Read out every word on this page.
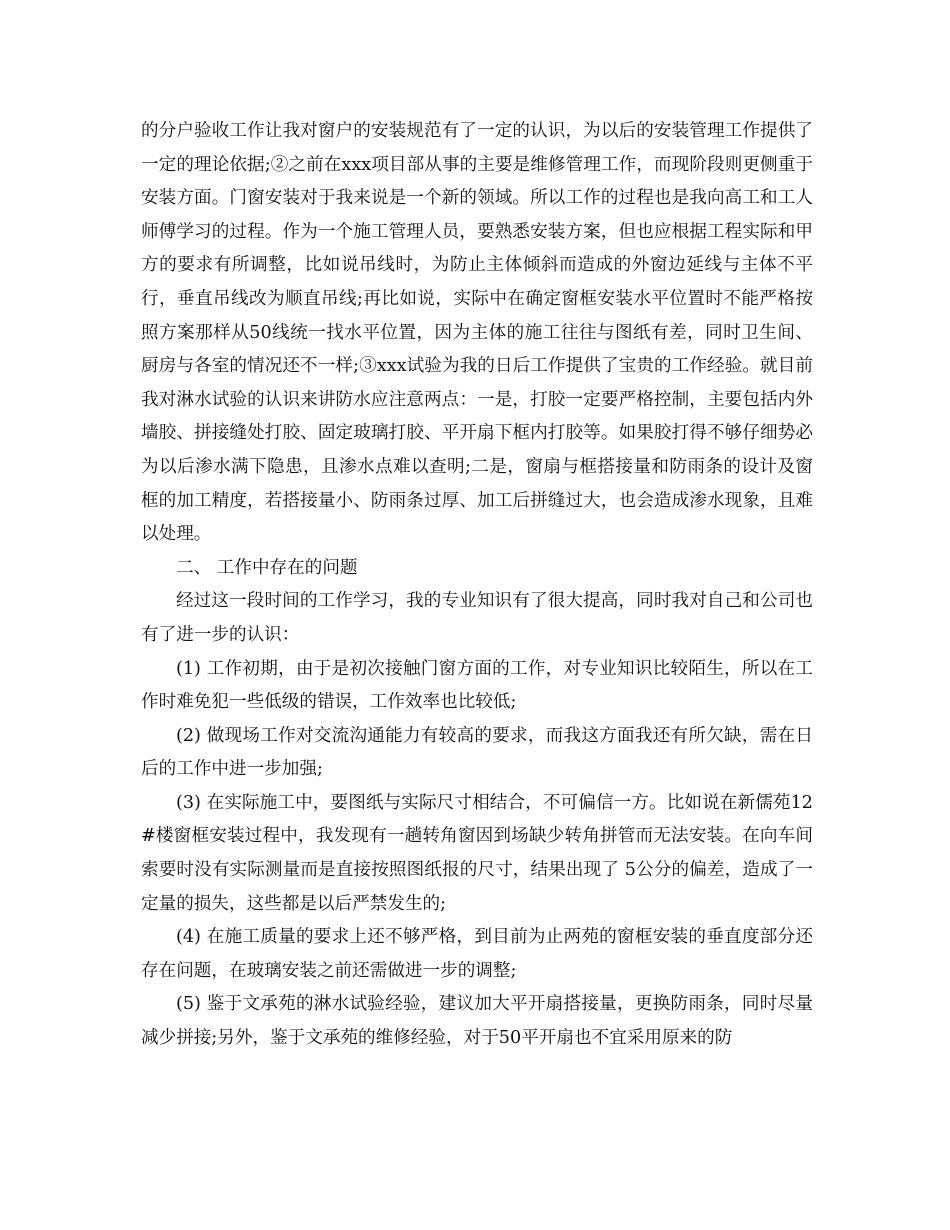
的分户验收工作让我对窗户的安装规范有了一定的认识，为以后的安装管理工作提供了一定的理论依据;②之前在xxx项目部从事的主要是维修管理工作，而现阶段则更侧重于安装方面。门窗安装对于我来说是一个新的领域。所以工作的过程也是我向高工和工人师傅学习的过程。作为一个施工管理人员，要熟悉安装方案，但也应根据工程实际和甲方的要求有所调整，比如说吊线时，为防止主体倾斜而造成的外窗边延线与主体不平行，垂直吊线改为顺直吊线;再比如说，实际中在确定窗框安装水平位置时不能严格按照方案那样从50线统一找水平位置，因为主体的施工往往与图纸有差，同时卫生间、厨房与各室的情况还不一样;③xxx试验为我的日后工作提供了宝贵的工作经验。就目前我对淋水试验的认识来讲防水应注意两点：一是，打胶一定要严格控制，主要包括内外墙胶、拼接缝处打胶、固定玻璃打胶、平开扇下框内打胶等。如果胶打得不够仔细势必为以后渗水满下隐患，且渗水点难以查明;二是，窗扇与框搭接量和防雨条的设计及窗框的加工精度，若搭接量小、防雨条过厚、加工后拼缝过大，也会造成渗水现象，且难以处理。

二、 工作中存在的问题

经过这一段时间的工作学习，我的专业知识有了很大提高，同时我对自己和公司也有了进一步的认识：

(1) 工作初期，由于是初次接触门窗方面的工作，对专业知识比较陌生，所以在工作时难免犯一些低级的错误，工作效率也比较低;

(2) 做现场工作对交流沟通能力有较高的要求，而我这方面我还有所欠缺，需在日后的工作中进一步加强;

(3) 在实际施工中，要图纸与实际尺寸相结合，不可偏信一方。比如说在新儒苑12#楼窗框安装过程中，我发现有一趟转角窗因到场缺少转角拼管而无法安装。在向车间索要时没有实际测量而是直接按照图纸报的尺寸，结果出现了 5公分的偏差，造成了一定量的损失，这些都是以后严禁发生的;

(4) 在施工质量的要求上还不够严格，到目前为止两苑的窗框安装的垂直度部分还存在问题，在玻璃安装之前还需做进一步的调整;

(5) 鉴于文承苑的淋水试验经验，建议加大平开扇搭接量，更换防雨条，同时尽量减少拼接;另外，鉴于文承苑的维修经验，对于50平开扇也不宜采用原来的防
